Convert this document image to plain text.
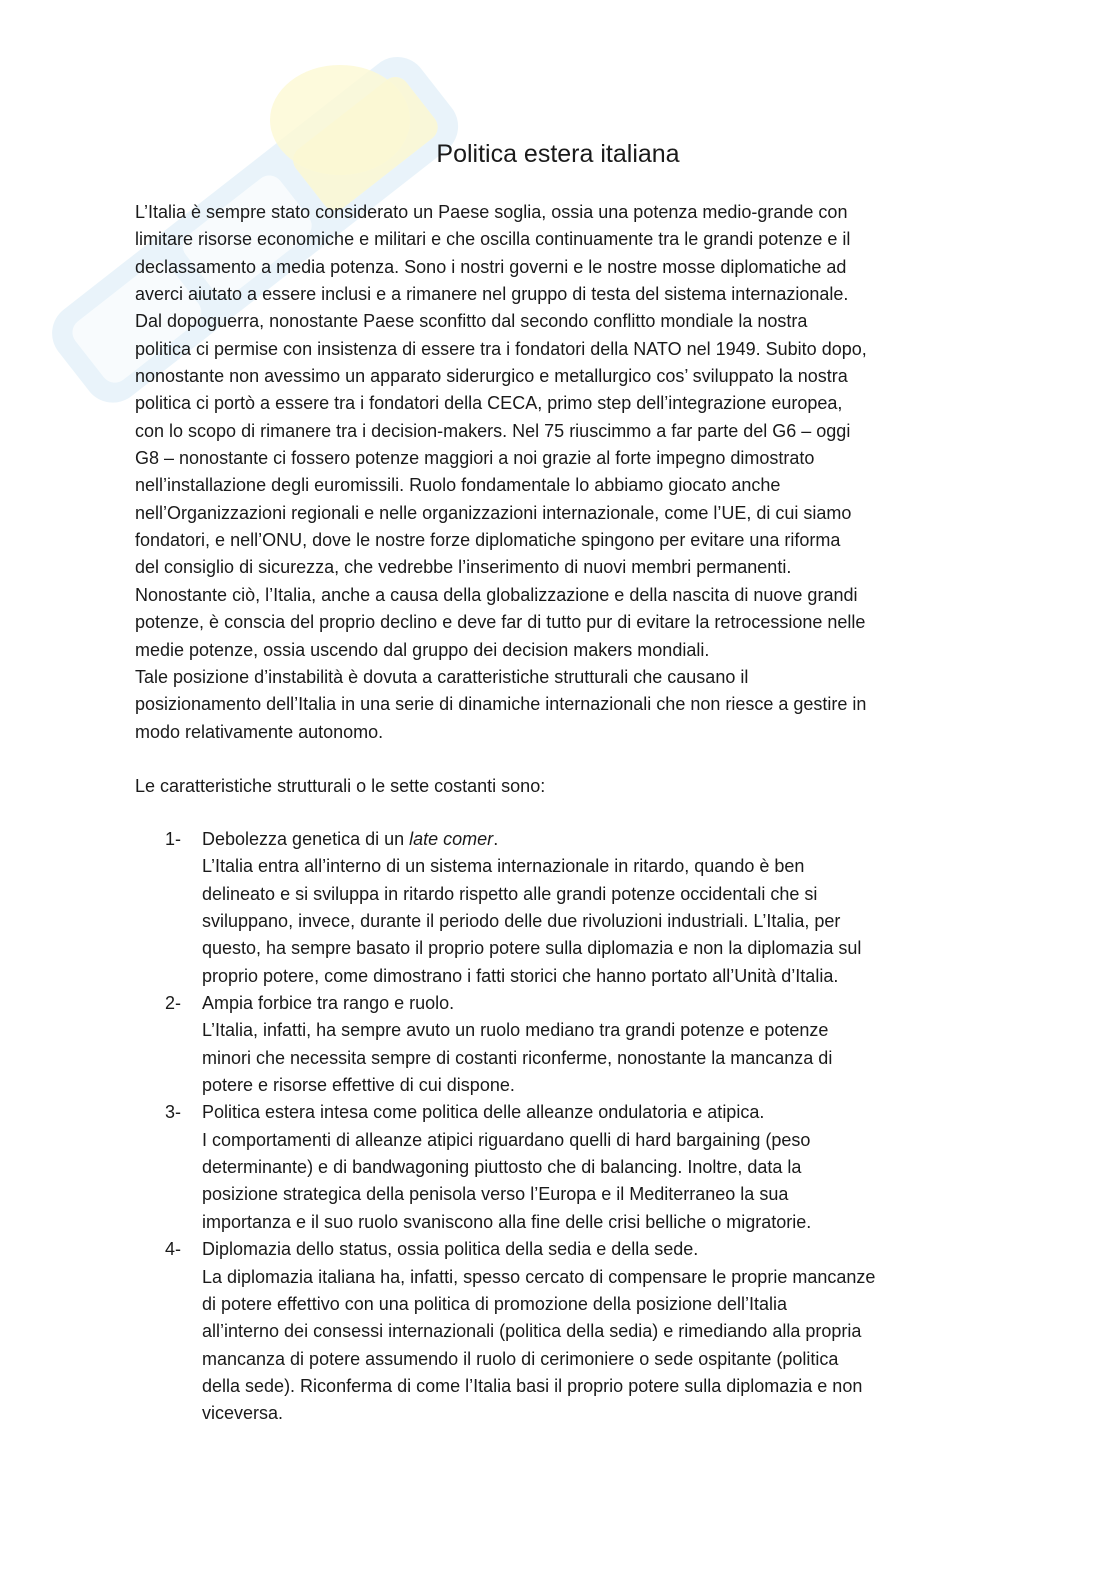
Politica estera italiana

L’Italia è sempre stato considerato un Paese soglia, ossia una potenza medio-grande con

limitare risorse economiche e militari e che oscilla continuamente tra le grandi potenze e il

declassamento a media potenza. Sono i nostri governi e le nostre mosse diplomatiche ad

averci aiutato a essere inclusi e a rimanere nel gruppo di testa del sistema internazionale.

Dal dopoguerra, nonostante Paese sconfitto dal secondo conflitto mondiale la nostra

politica ci permise con insistenza di essere tra i fondatori della NATO nel 1949. Subito dopo,

nonostante non avessimo un apparato siderurgico e metallurgico cos’ sviluppato la nostra

politica ci portò a essere tra i fondatori della CECA, primo step dell’integrazione europea,

con lo scopo di rimanere tra i decision-makers. Nel 75 riuscimmo a far parte del G6 – oggi

G8 – nonostante ci fossero potenze maggiori a noi grazie al forte impegno dimostrato

nell’installazione degli euromissili. Ruolo fondamentale lo abbiamo giocato anche

nell’Organizzazioni regionali e nelle organizzazioni internazionale, come l’UE, di cui siamo

fondatori, e nell’ONU, dove le nostre forze diplomatiche spingono per evitare una riforma

del consiglio di sicurezza, che vedrebbe l’inserimento di nuovi membri permanenti.

Nonostante ciò, l’Italia, anche a causa della globalizzazione e della nascita di nuove grandi

potenze, è conscia del proprio declino e deve far di tutto pur di evitare la retrocessione nelle

medie potenze, ossia uscendo dal gruppo dei decision makers mondiali.

Tale posizione d’instabilità è dovuta a caratteristiche strutturali che causano il

posizionamento dell’Italia in una serie di dinamiche internazionali che non riesce a gestire in

modo relativamente autonomo.

Le caratteristiche strutturali o le sette costanti sono:

1- Debolezza genetica di un late comer.
L’Italia entra all’interno di un sistema internazionale in ritardo, quando è ben
delineato e si sviluppa in ritardo rispetto alle grandi potenze occidentali che si
sviluppano, invece, durante il periodo delle due rivoluzioni industriali. L’Italia, per
questo, ha sempre basato il proprio potere sulla diplomazia e non la diplomazia sul
proprio potere, come dimostrano i fatti storici che hanno portato all’Unità d’Italia.
2- Ampia forbice tra rango e ruolo.
L’Italia, infatti, ha sempre avuto un ruolo mediano tra grandi potenze e potenze
minori che necessita sempre di costanti riconferme, nonostante la mancanza di
potere e risorse effettive di cui dispone.
3- Politica estera intesa come politica delle alleanze ondulatoria e atipica.
I comportamenti di alleanze atipici riguardano quelli di hard bargaining (peso
determinante) e di bandwagoning piuttosto che di balancing. Inoltre, data la
posizione strategica della penisola verso l’Europa e il Mediterraneo la sua
importanza e il suo ruolo svaniscono alla fine delle crisi belliche o migratorie.
4- Diplomazia dello status, ossia politica della sedia e della sede.
La diplomazia italiana ha, infatti, spesso cercato di compensare le proprie mancanze
di potere effettivo con una politica di promozione della posizione dell’Italia
all’interno dei consessi internazionali (politica della sedia) e rimediando alla propria
mancanza di potere assumendo il ruolo di cerimoniere o sede ospitante (politica
della sede). Riconferma di come l’Italia basi il proprio potere sulla diplomazia e non
viceversa.
